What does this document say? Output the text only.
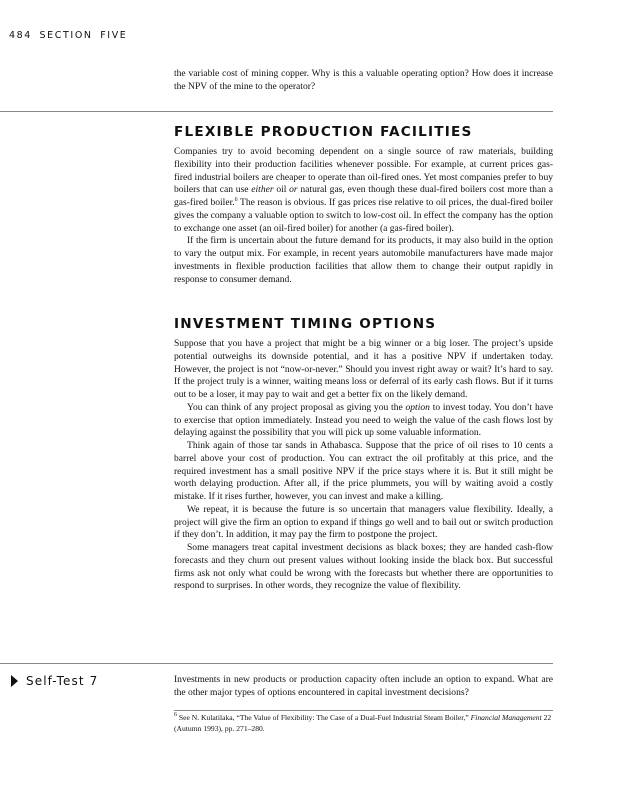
484 SECTION FIVE

the variable cost of mining copper. Why is this a valuable operating option? How does it increase the NPV of the mine to the operator?

FLEXIBLE PRODUCTION FACILITIES

Companies try to avoid becoming dependent on a single source of raw materials, building flexibility into their production facilities whenever possible. For example, at current prices gas-fired industrial boilers are cheaper to operate than oil-fired ones. Yet most companies prefer to buy boilers that can use either oil or natural gas, even though these dual-fired boilers cost more than a gas-fired boiler.$^6$ The reason is obvious. If gas prices rise relative to oil prices, the dual-fired boiler gives the company a valuable option to switch to low-cost oil. In effect the company has the option to exchange one asset (an oil-fired boiler) for another (a gas-fired boiler).

If the firm is uncertain about the future demand for its products, it may also build in the option to vary the output mix. For example, in recent years automobile manufacturers have made major investments in flexible production facilities that allow them to change their output rapidly in response to consumer demand.

INVESTMENT TIMING OPTIONS

Suppose that you have a project that might be a big winner or a big loser. The project’s upside potential outweighs its downside potential, and it has a positive NPV if undertaken today. However, the project is not “now-or-never.” Should you invest right away or wait? It’s hard to say. If the project truly is a winner, waiting means loss or deferral of its early cash flows. But if it turns out to be a loser, it may pay to wait and get a better fix on the likely demand.

You can think of any project proposal as giving you the option to invest today. You don’t have to exercise that option immediately. Instead you need to weigh the value of the cash flows lost by delaying against the possibility that you will pick up some valuable information.

Think again of those tar sands in Athabasca. Suppose that the price of oil rises to 10 cents a barrel above your cost of production. You can extract the oil profitably at this price, and the required investment has a small positive NPV if the price stays where it is. But it still might be worth delaying production. After all, if the price plummets, you will by waiting avoid a costly mistake. If it rises further, however, you can invest and make a killing.

We repeat, it is because the future is so uncertain that managers value flexibility. Ideally, a project will give the firm an option to expand if things go well and to bail out or switch production if they don’t. In addition, it may pay the firm to postpone the project.

Some managers treat capital investment decisions as black boxes; they are handed cash-flow forecasts and they churn out present values without looking inside the black box. But successful firms ask not only what could be wrong with the forecasts but whether there are opportunities to respond to surprises. In other words, they recognize the value of flexibility.

Self-Test 7	Investments in new products or production capacity often include an option to expand. What are the other major types of options encountered in capital investment decisions?

$^6$ See N. Kulatilaka, “The Value of Flexibility: The Case of a Dual-Fuel Industrial Steam Boiler,” Financial Management 22 (Autumn 1993), pp. 271–280.
